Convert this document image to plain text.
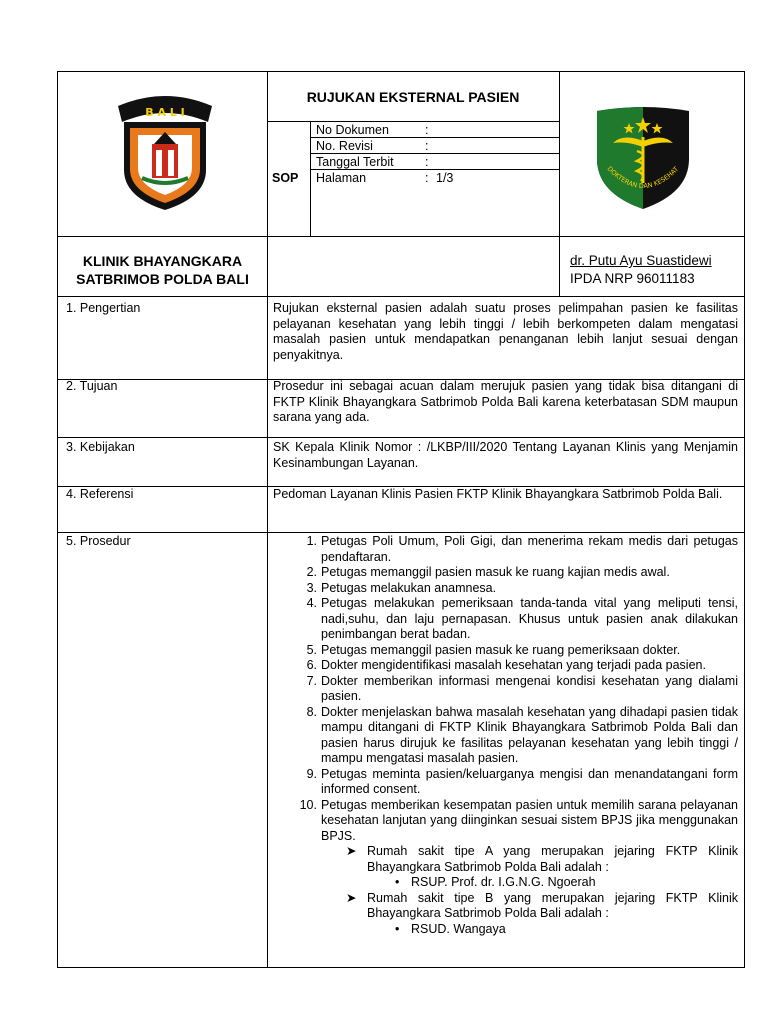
B A L I
RUJUKAN EKSTERNAL PASIEN
SOP
No Dokumen	:
No. Revisi	:
Tanggal Terbit	:
Halaman	: 1/3
DOKTERAN DAN KESEHAT
KLINIK BHAYANGKARA
SATBRIMOB POLDA BALI
dr. Putu Ayu Suastidewi
IPDA NRP 96011183
1. Pengertian	Rujukan eksternal pasien adalah suatu proses pelimpahan pasien ke fasilitas pelayanan kesehatan yang lebih tinggi / lebih berkompeten dalam mengatasi masalah pasien untuk mendapatkan penanganan lebih lanjut sesuai dengan penyakitnya.
2. Tujuan	Prosedur ini sebagai acuan dalam merujuk pasien yang tidak bisa ditangani di FKTP Klinik Bhayangkara Satbrimob Polda Bali karena keterbatasan SDM maupun sarana yang ada.
3. Kebijakan	SK Kepala Klinik Nomor : /LKBP/III/2020 Tentang Layanan Klinis yang Menjamin Kesinambungan Layanan.
4. Referensi	Pedoman Layanan Klinis Pasien FKTP Klinik Bhayangkara Satbrimob Polda Bali.
5. Prosedur	1. Petugas Poli Umum, Poli Gigi, dan menerima rekam medis dari petugas pendaftaran.
2. Petugas memanggil pasien masuk ke ruang kajian medis awal.
3. Petugas melakukan anamnesa.
4. Petugas melakukan pemeriksaan tanda-tanda vital yang meliputi tensi, nadi,suhu, dan laju pernapasan. Khusus untuk pasien anak dilakukan penimbangan berat badan.
5. Petugas memanggil pasien masuk ke ruang pemeriksaan dokter.
6. Dokter mengidentifikasi masalah kesehatan yang terjadi pada pasien.
7. Dokter memberikan informasi mengenai kondisi kesehatan yang dialami pasien.
8. Dokter menjelaskan bahwa masalah kesehatan yang dihadapi pasien tidak mampu ditangani di FKTP Klinik Bhayangkara Satbrimob Polda Bali dan pasien harus dirujuk ke fasilitas pelayanan kesehatan yang lebih tinggi / mampu mengatasi masalah pasien.
9. Petugas meminta pasien/keluarganya mengisi dan menandatangani form informed consent.
10. Petugas memberikan kesempatan pasien untuk memilih sarana pelayanan kesehatan lanjutan yang diinginkan sesuai sistem BPJS jika menggunakan BPJS.
➤ Rumah sakit tipe A yang merupakan jejaring FKTP Klinik Bhayangkara Satbrimob Polda Bali adalah :
• RSUP. Prof. dr. I.G.N.G. Ngoerah
➤ Rumah sakit tipe B yang merupakan jejaring FKTP Klinik Bhayangkara Satbrimob Polda Bali adalah :
• RSUD. Wangaya
